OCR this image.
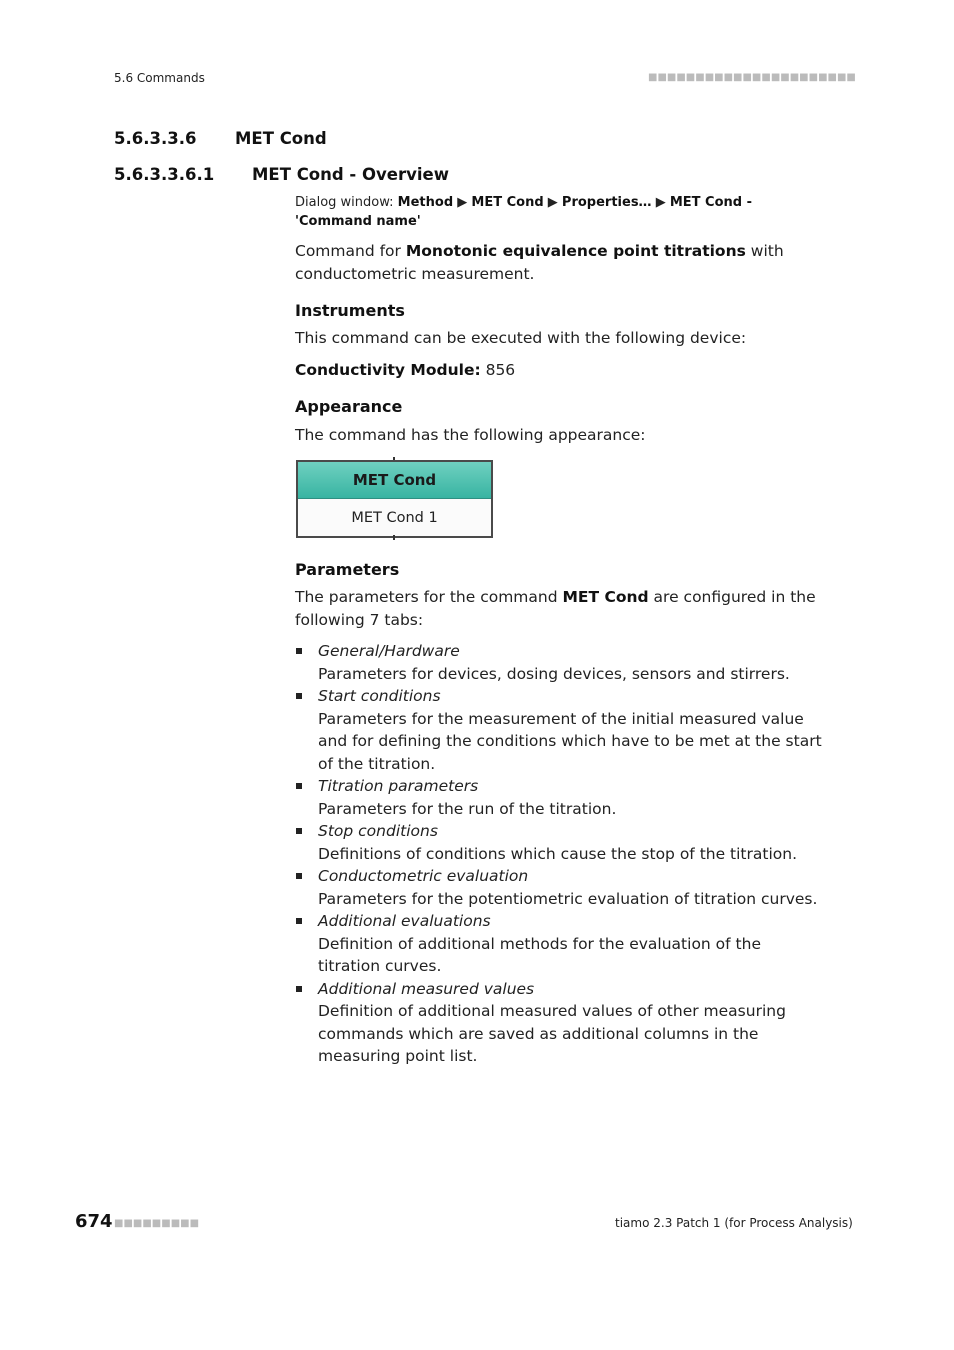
5.6 Commands	■■■■■■■■■■■■■■■■■■■■■■
5.6.3.3.6 MET Cond
5.6.3.3.6.1 MET Cond - Overview
Dialog window: Method ▶ MET Cond ▶ Properties… ▶ MET Cond - 'Command name'
Command for Monotonic equivalence point titrations with conductometric measurement.
Instruments
This command can be executed with the following device:
Conductivity Module: 856
Appearance
The command has the following appearance:
MET Cond
MET Cond 1
Parameters
The parameters for the command MET Cond are configured in the following 7 tabs:
General/Hardware
Parameters for devices, dosing devices, sensors and stirrers.
Start conditions
Parameters for the measurement of the initial measured value and for defining the conditions which have to be met at the start of the titration.
Titration parameters
Parameters for the run of the titration.
Stop conditions
Definitions of conditions which cause the stop of the titration.
Conductometric evaluation
Parameters for the potentiometric evaluation of titration curves.
Additional evaluations
Definition of additional methods for the evaluation of the titration curves.
Additional measured values
Definition of additional measured values of other measuring commands which are saved as additional columns in the measuring point list.
674 ■■■■■■■■■	tiamo 2.3 Patch 1 (for Process Analysis)
